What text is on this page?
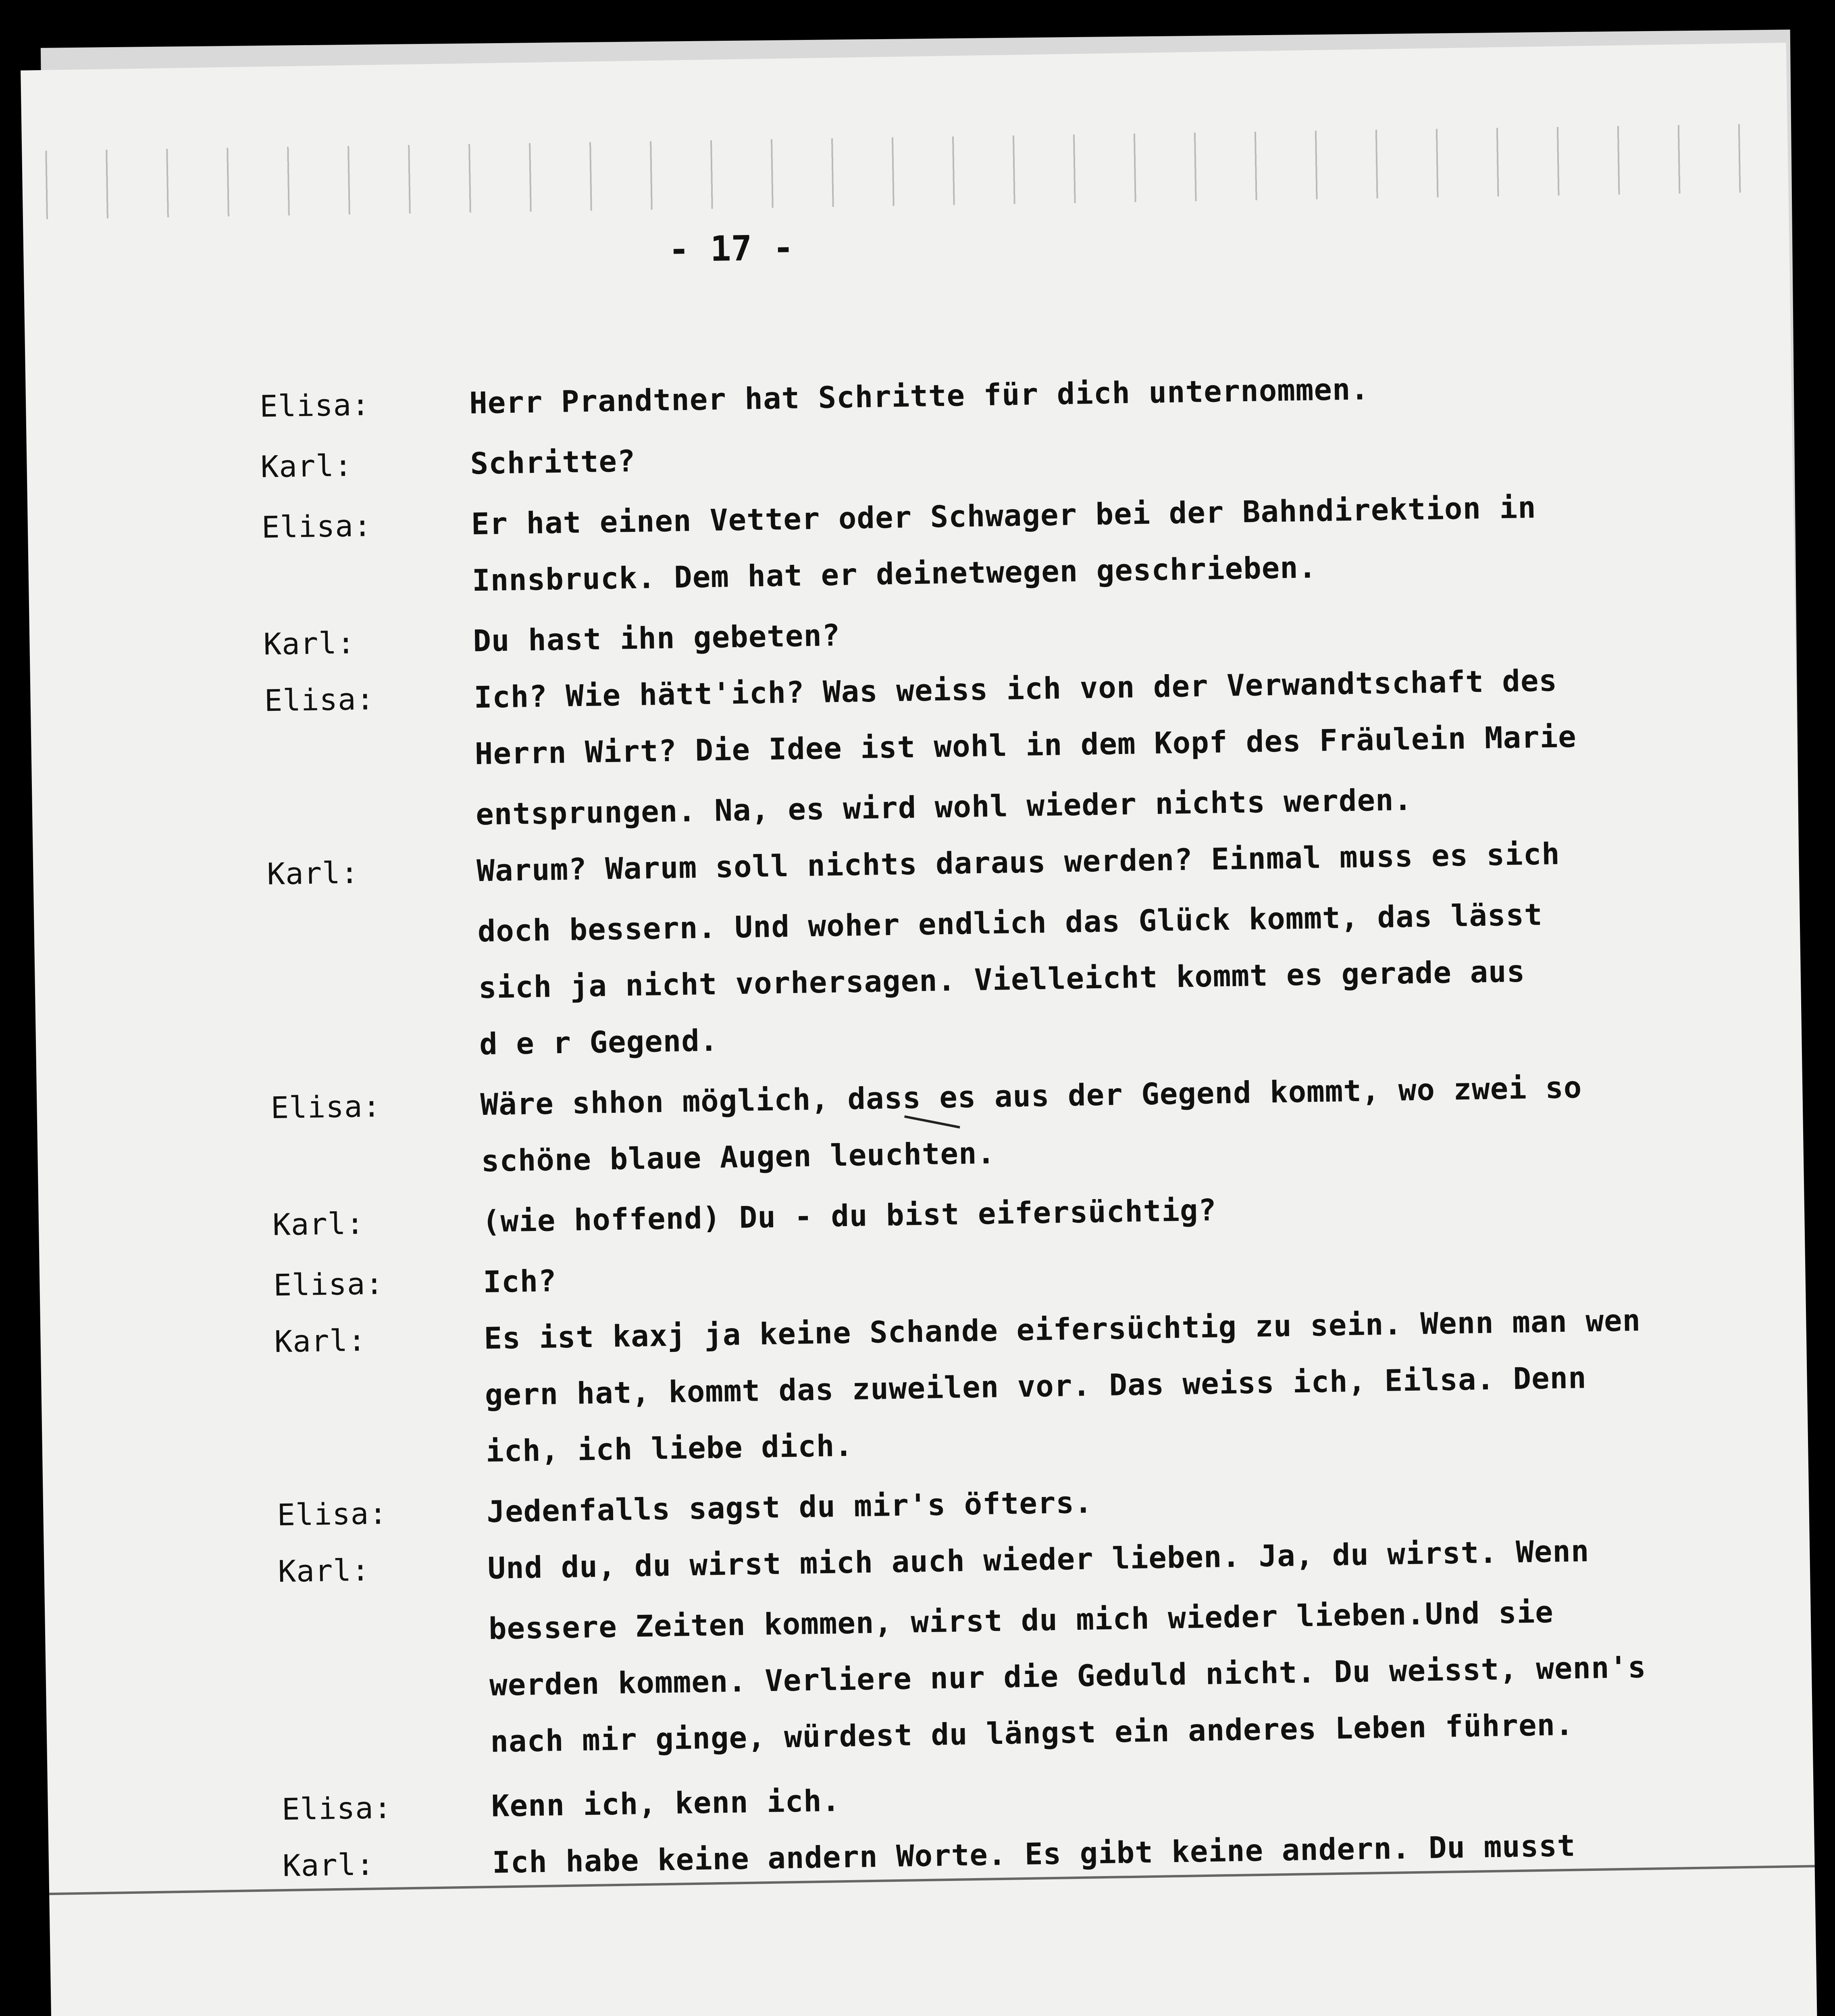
- 17 -
Elisa:	Herr Prandtner hat Schritte für dich unternommen.
Karl:	Schritte?
Elisa:	Er hat einen Vetter oder Schwager bei der Bahndirektion in
Innsbruck. Dem hat er deinetwegen geschrieben.
Karl:	Du hast ihn gebeten?
Elisa:	Ich? Wie hätt'ich? Was weiss ich von der Verwandtschaft des
Herrn Wirt? Die Idee ist wohl in dem Kopf des Fräulein Marie
entsprungen. Na, es wird wohl wieder nichts werden.
Karl:	Warum? Warum soll nichts daraus werden? Einmal muss es sich
doch bessern. Und woher endlich das Glück kommt, das lässt
sich ja nicht vorhersagen. Vielleicht kommt es gerade aus
d e r Gegend.
Elisa:	Wäre shhon möglich, dass es aus der Gegend kommt, wo zwei so
schöne blaue Augen leuchten.
Karl:	(wie hoffend) Du - du bist eifersüchtig?
Elisa:	Ich?
Karl:	Es ist kaxj ja keine Schande eifersüchtig zu sein. Wenn man wen
gern hat, kommt das zuweilen vor. Das weiss ich, Eilsa. Denn
ich, ich liebe dich.
Elisa:	Jedenfalls sagst du mir's öfters.
Karl:	Und du, du wirst mich auch wieder lieben. Ja, du wirst. Wenn
bessere Zeiten kommen, wirst du mich wieder lieben.Und sie
werden kommen. Verliere nur die Geduld nicht. Du weisst, wenn's
nach mir ginge, würdest du längst ein anderes Leben führen.
Elisa:	Kenn ich, kenn ich.
Karl:	Ich habe keine andern Worte. Es gibt keine andern. Du musst
